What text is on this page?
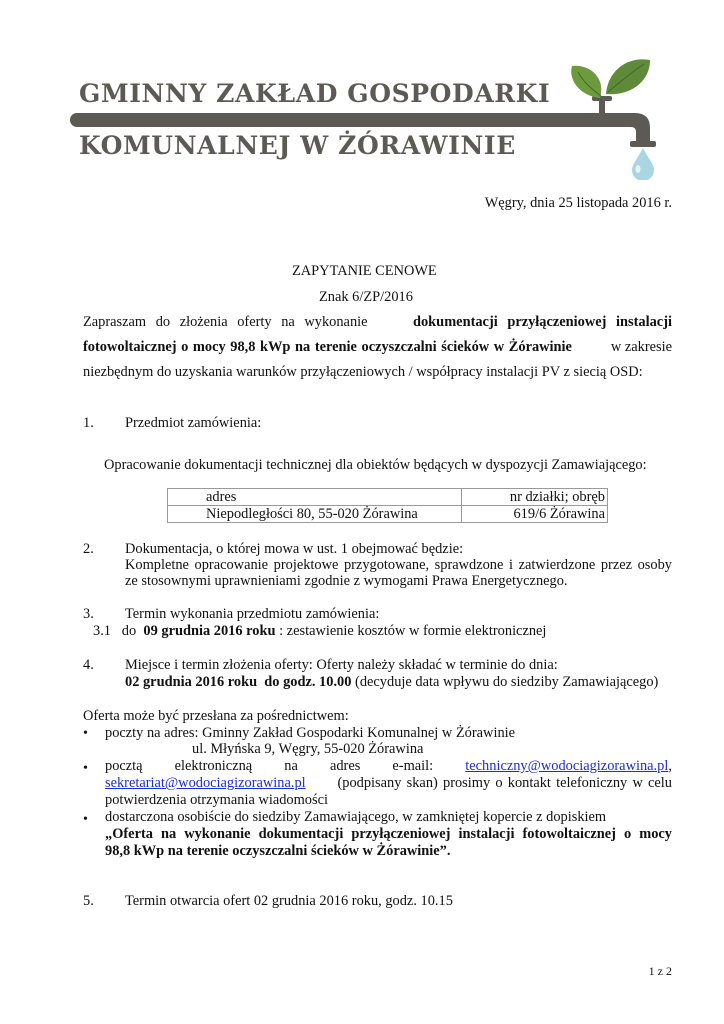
GMINNY ZAKŁAD GOSPODARKI
KOMUNALNEJ W ŻÓRAWINIE
Węgry, dnia 25 listopada 2016 r.
ZAPYTANIE CENOWE
Znak 6/ZP/2016
Zapraszam do złożenia oferty na wykonanie	dokumentacji przyłączeniowej instalacji
fotowoltaicznej o mocy 98,8 kWp na terenie oczyszczalni ścieków w Żórawinie	w zakresie
niezbędnym do uzyskania warunków przyłączeniowych / współpracy instalacji PV z siecią OSD:
1. Przedmiot zamówienia:
Opracowanie dokumentacji technicznej dla obiektów będących w dyspozycji Zamawiającego:
adres	nr działki; obręb
Niepodległości 80, 55-020 Żórawina	619/6 Żórawina
2. Dokumentacja, o której mowa w ust. 1 obejmować będzie:
Kompletne opracowanie projektowe przygotowane, sprawdzone i zatwierdzone przez osoby
ze stosownymi uprawnieniami zgodnie z wymogami Prawa Energetycznego.
3. Termin wykonania przedmiotu zamówienia:
3.1 do 09 grudnia 2016 roku : zestawienie kosztów w formie elektronicznej
4. Miejsce i termin złożenia oferty: Oferty należy składać w terminie do dnia:
02 grudnia 2016 roku  do godz. 10.00 (decyduje data wpływu do siedziby Zamawiającego)
Oferta może być przesłana za pośrednictwem:
• poczty na adres: Gminny Zakład Gospodarki Komunalnej w Żórawinie
ul. Młyńska 9, Węgry, 55-020 Żórawina
• pocztą elektroniczną na adres e-mail: techniczny@wodociagizorawina.pl,
sekretariat@wodociagizorawina.pl (podpisany skan) prosimy o kontakt telefoniczny w celu
potwierdzenia otrzymania wiadomości
• dostarczona osobiście do siedziby Zamawiającego, w zamkniętej kopercie z dopiskiem
„Oferta na wykonanie dokumentacji przyłączeniowej instalacji fotowoltaicznej o mocy
98,8 kWp na terenie oczyszczalni ścieków w Żórawinie”.
5. Termin otwarcia ofert 02 grudnia 2016 roku, godz. 10.15
1 z 2
